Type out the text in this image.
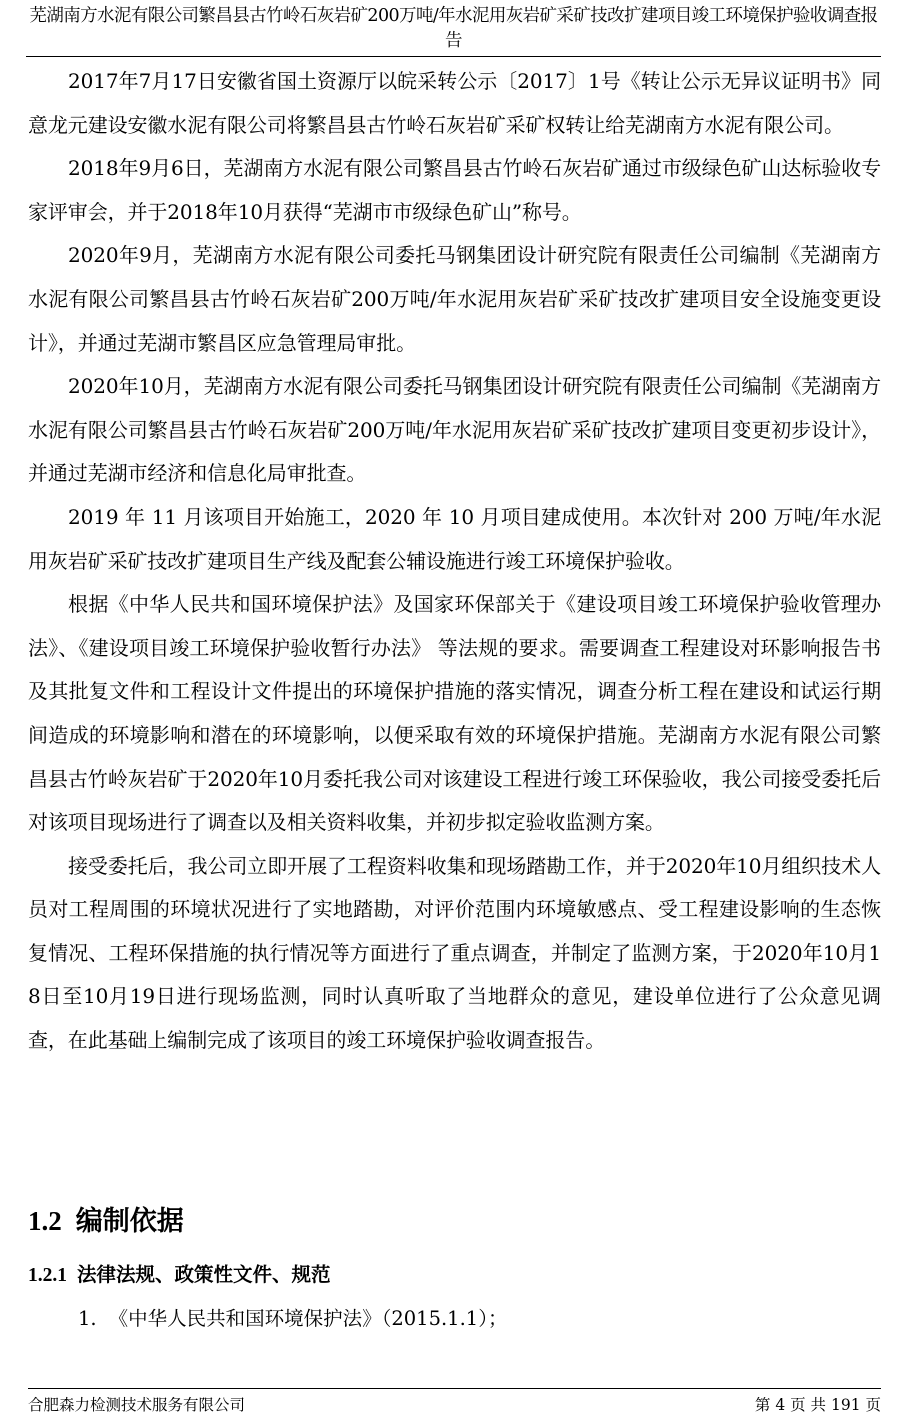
芜湖南方水泥有限公司繁昌县古竹岭石灰岩矿200万吨/年水泥用灰岩矿采矿技改扩建项目竣工环境保护验收调查报告

2017年7月17日安徽省国土资源厅以皖采转公示〔2017〕1号《转让公示无异议证明书》同意龙元建设安徽水泥有限公司将繁昌县古竹岭石灰岩矿采矿权转让给芜湖南方水泥有限公司。

2018年9月6日，芜湖南方水泥有限公司繁昌县古竹岭石灰岩矿通过市级绿色矿山达标验收专家评审会，并于2018年10月获得“芜湖市市级绿色矿山”称号。

2020年9月，芜湖南方水泥有限公司委托马钢集团设计研究院有限责任公司编制《芜湖南方水泥有限公司繁昌县古竹岭石灰岩矿200万吨/年水泥用灰岩矿采矿技改扩建项目安全设施变更设计》，并通过芜湖市繁昌区应急管理局审批。

2020年10月，芜湖南方水泥有限公司委托马钢集团设计研究院有限责任公司编制《芜湖南方水泥有限公司繁昌县古竹岭石灰岩矿200万吨/年水泥用灰岩矿采矿技改扩建项目变更初步设计》，并通过芜湖市经济和信息化局审批查。

2019 年 11 月该项目开始施工，2020 年 10 月项目建成使用。本次针对 200 万吨/年水泥用灰岩矿采矿技改扩建项目生产线及配套公辅设施进行竣工环境保护验收。

根据《中华人民共和国环境保护法》及国家环保部关于《建设项目竣工环境保护验收管理办法》、《建设项目竣工环境保护验收暂行办法》 等法规的要求。需要调查工程建设对环影响报告书及其批复文件和工程设计文件提出的环境保护措施的落实情况，调查分析工程在建设和试运行期间造成的环境影响和潜在的环境影响，以便采取有效的环境保护措施。芜湖南方水泥有限公司繁昌县古竹岭灰岩矿于2020年10月委托我公司对该建设工程进行竣工环保验收，我公司接受委托后对该项目现场进行了调查以及相关资料收集，并初步拟定验收监测方案。

接受委托后，我公司立即开展了工程资料收集和现场踏勘工作，并于2020年10月组织技术人员对工程周围的环境状况进行了实地踏勘，对评价范围内环境敏感点、受工程建设影响的生态恢复情况、工程环保措施的执行情况等方面进行了重点调查，并制定了监测方案，于2020年10月18日至10月19日进行现场监测，同时认真听取了当地群众的意见，建设单位进行了公众意见调查，在此基础上编制完成了该项目的竣工环境保护验收调查报告。

1.2 编制依据
1.2.1 法律法规、政策性文件、规范
1. 《中华人民共和国环境保护法》（2015.1.1）；
合肥森力检测技术服务有限公司	第 4 页 共 191 页
